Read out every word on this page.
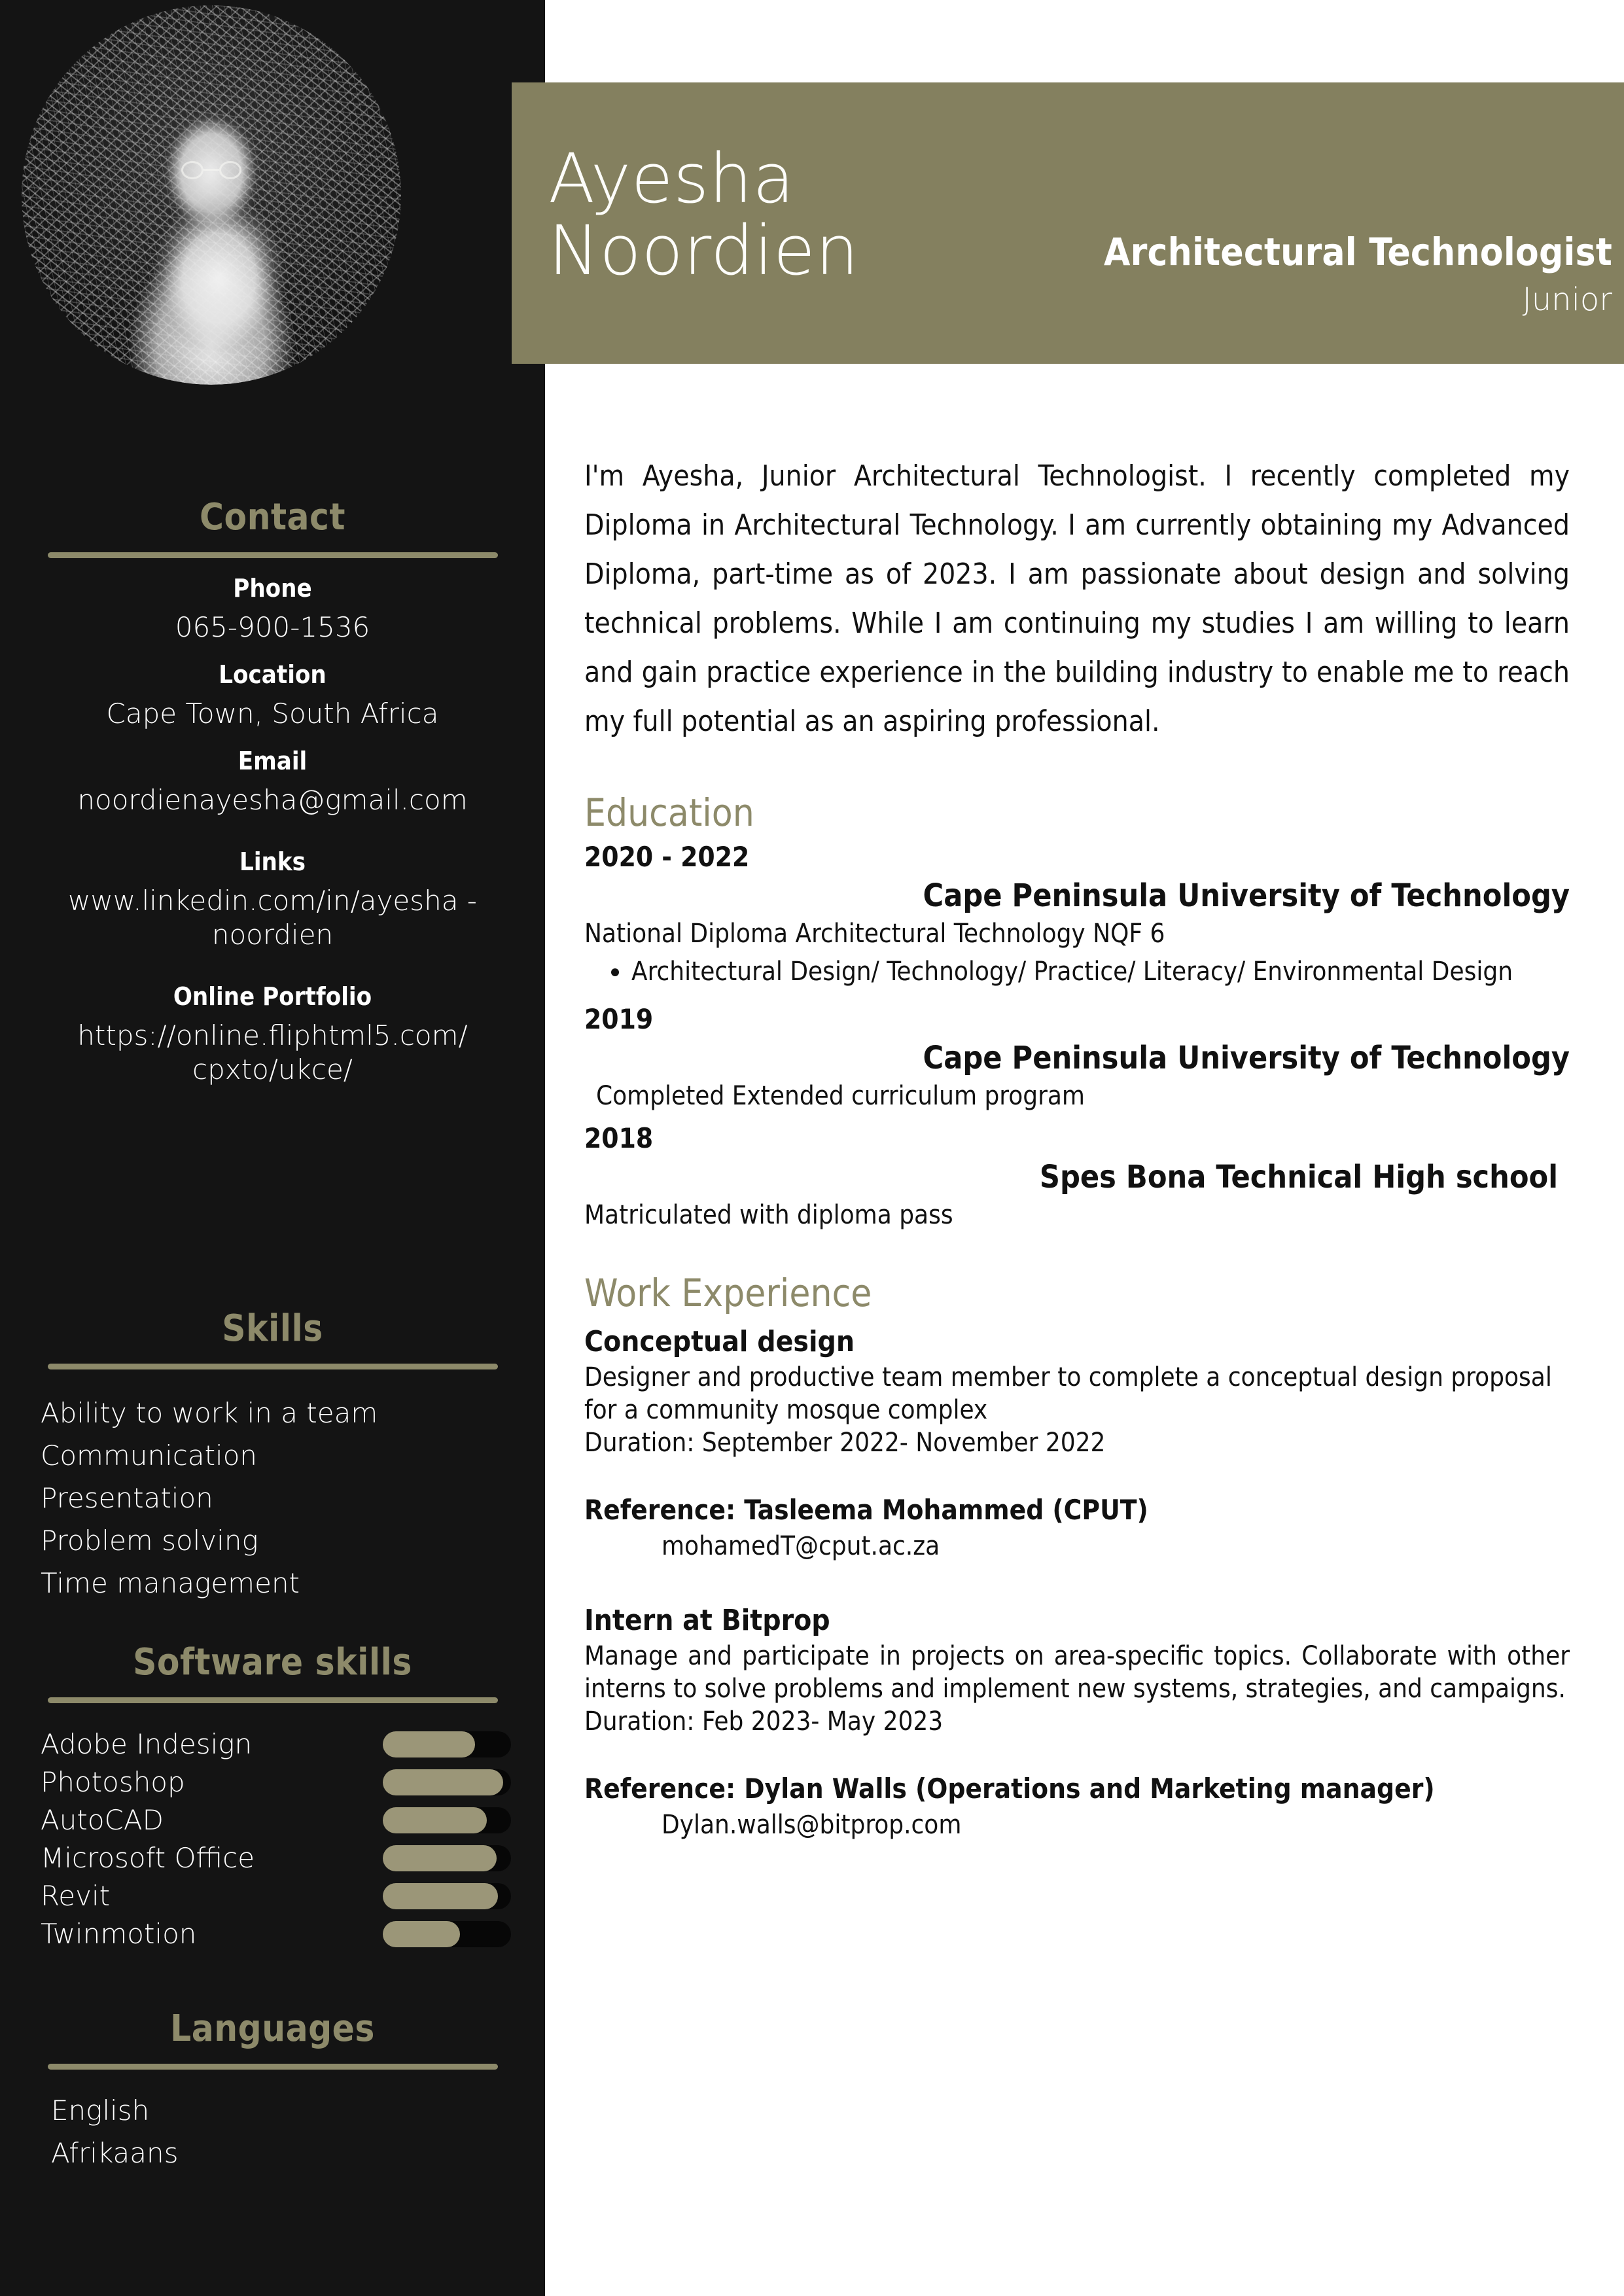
Ayesha
Noordien	Architectural Technologist
Junior
Contact
Phone
065-900-1536
Location
Cape Town, South Africa
Email
noordienayesha@gmail.com
Links
www.linkedin.com/in/ayesha -noordien
Online Portfolio
https://online.fliphtml5.com/ cpxto/ukce/
Skills
Ability to work in a team
Communication
Presentation
Problem solving
Time management
Software skills
Adobe Indesign
Photoshop
AutoCAD
Microsoft Office
Revit
Twinmotion
Languages
English
Afrikaans
I'm Ayesha, Junior Architectural Technologist. I recently completed my Diploma in Architectural Technology. I am currently obtaining my Advanced Diploma, part-time as of 2023. I am passionate about design and solving technical problems. While I am continuing my studies I am willing to learn and gain practice experience in the building industry to enable me to reach my full potential as an aspiring professional.
Education
2020 - 2022
Cape Peninsula University of Technology
National Diploma Architectural Technology NQF 6
• Architectural Design/ Technology/ Practice/ Literacy/ Environmental Design
2019
Cape Peninsula University of Technology
Completed Extended curriculum program
2018
Spes Bona Technical High school
Matriculated with diploma pass
Work Experience
Conceptual design
Designer and productive team member to complete a conceptual design proposal for a community mosque complex
Duration: September 2022- November 2022
Reference: Tasleema Mohammed (CPUT)
mohamedT@cput.ac.za
Intern at Bitprop
Manage and participate in projects on area-specific topics. Collaborate with other interns to solve problems and implement new systems, strategies, and campaigns.
Duration: Feb 2023- May 2023
Reference: Dylan Walls (Operations and Marketing manager)
Dylan.walls@bitprop.com
